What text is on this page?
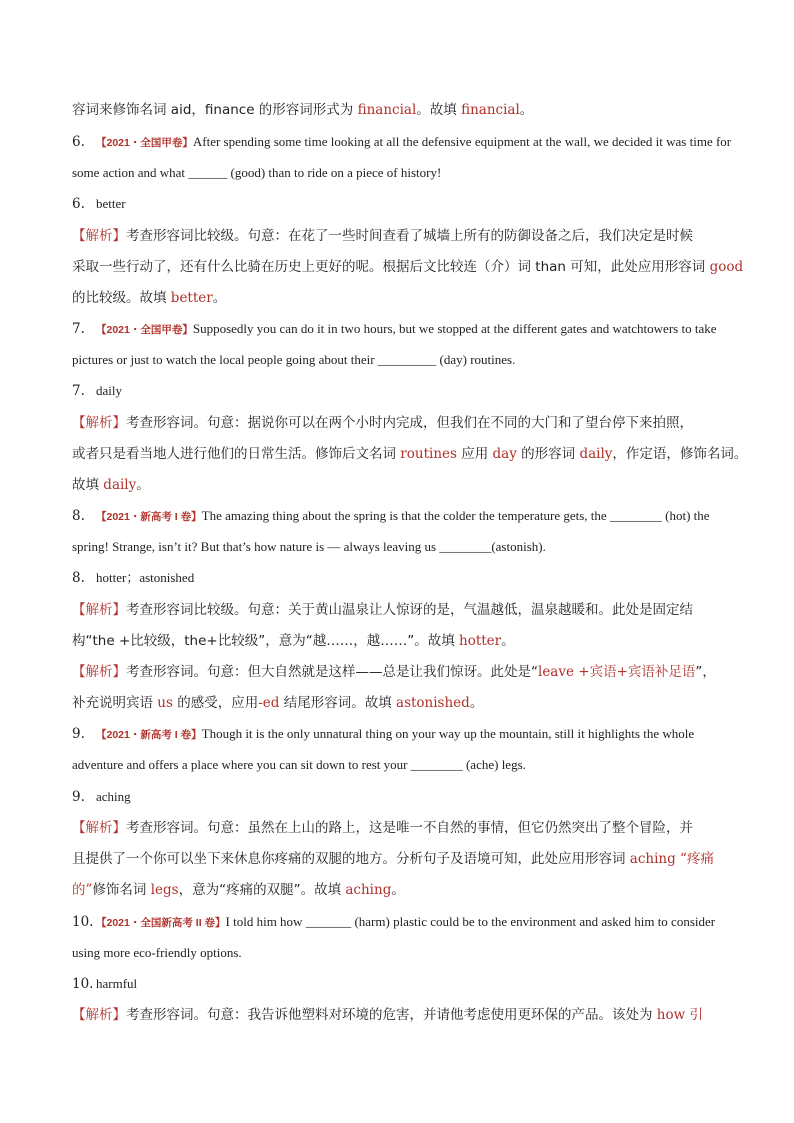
容词来修饰名词 aid，finance 的形容词形式为 financial。故填 financial。
6. 【2021・全国甲卷】After spending some time looking at all the defensive equipment at the wall, we decided it was time for
some action and what ______ (good) than to ride on a piece of history!
6. better
【解析】考查形容词比较级。句意：在花了一些时间查看了城墙上所有的防御设备之后，我们决定是时候
采取一些行动了，还有什么比骑在历史上更好的呢。根据后文比较连（介）词 than 可知，此处应用形容词 good
的比较级。故填 better。
7. 【2021・全国甲卷】Supposedly you can do it in two hours, but we stopped at the different gates and watchtowers to take
pictures or just to watch the local people going about their _________ (day) routines.
7. daily
【解析】考查形容词。句意：据说你可以在两个小时内完成，但我们在不同的大门和了望台停下来拍照，
或者只是看当地人进行他们的日常生活。修饰后文名词 routines 应用 day 的形容词 daily，作定语，修饰名词。
故填 daily。
8. 【2021・新高考 I 卷】The amazing thing about the spring is that the colder the temperature gets, the ________ (hot) the
spring! Strange, isn’t it? But that’s how nature is — always leaving us ________(astonish).
8. hotter；astonished
【解析】考查形容词比较级。句意：关于黄山温泉让人惊讶的是，气温越低，温泉越暖和。此处是固定结
构“the +比较级，the+比较级”，意为“越……，越……”。故填 hotter。
【解析】考查形容词。句意：但大自然就是这样——总是让我们惊讶。此处是“leave +宾语+宾语补足语”，
补充说明宾语 us 的感受，应用-ed 结尾形容词。故填 astonished。
9. 【2021・新高考 I 卷】Though it is the only unnatural thing on your way up the mountain, still it highlights the whole
adventure and offers a place where you can sit down to rest your ________ (ache) legs.
9. aching
【解析】考查形容词。句意：虽然在上山的路上，这是唯一不自然的事情，但它仍然突出了整个冒险，并
且提供了一个你可以坐下来休息你疼痛的双腿的地方。分析句子及语境可知，此处应用形容词 aching “疼痛
的”修饰名词 legs，意为“疼痛的双腿”。故填 aching。
10. 【2021・全国新高考 II 卷】I told him how _______ (harm) plastic could be to the environment and asked him to consider
using more eco-friendly options.
10. harmful
【解析】考查形容词。句意：我告诉他塑料对环境的危害，并请他考虑使用更环保的产品。该处为 how 引
